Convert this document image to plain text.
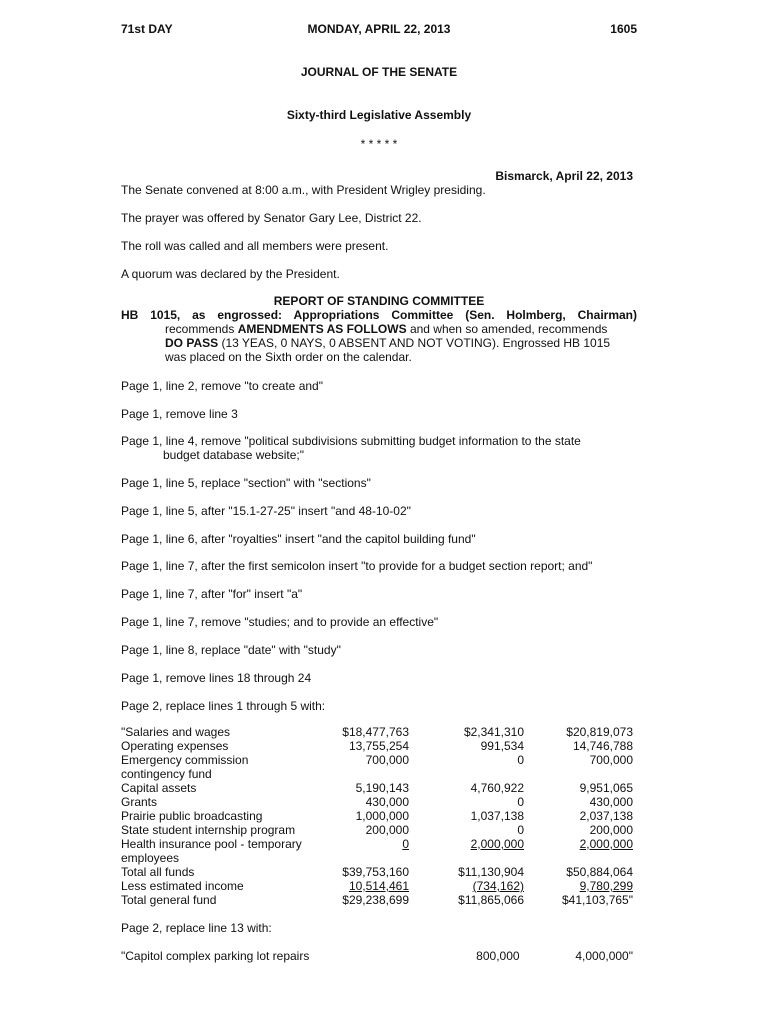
71st DAY	MONDAY, APRIL 22, 2013	1605
JOURNAL OF THE SENATE
Sixty-third Legislative Assembly
* * * * *
Bismarck, April 22, 2013
The Senate convened at 8:00 a.m., with President Wrigley presiding.
The prayer was offered by Senator Gary Lee, District 22.
The roll was called and all members were present.
A quorum was declared by the President.
REPORT OF STANDING COMMITTEE
HB 1015, as engrossed: Appropriations Committee (Sen. Holmberg, Chairman)
recommends AMENDMENTS AS FOLLOWS and when so amended, recommends
DO PASS (13 YEAS, 0 NAYS, 0 ABSENT AND NOT VOTING). Engrossed HB 1015
was placed on the Sixth order on the calendar.
Page 1, line 2, remove "to create and"
Page 1, remove line 3
Page 1, line 4, remove "political subdivisions submitting budget information to the state
budget database website;"
Page 1, line 5, replace "section" with "sections"
Page 1, line 5, after "15.1-27-25" insert "and 48-10-02"
Page 1, line 6, after "royalties" insert "and the capitol building fund"
Page 1, line 7, after the first semicolon insert "to provide for a budget section report; and"
Page 1, line 7, after "for" insert "a"
Page 1, line 7, remove "studies; and to provide an effective"
Page 1, line 8, replace "date" with "study"
Page 1, remove lines 18 through 24
Page 2, replace lines 1 through 5 with:
"Salaries and wages	$18,477,763	$2,341,310	$20,819,073
Operating expenses	13,755,254	991,534	14,746,788
Emergency commission	700,000	0	700,000
contingency fund			
Capital assets	5,190,143	4,760,922	9,951,065
Grants	430,000	0	430,000
Prairie public broadcasting	1,000,000	1,037,138	2,037,138
State student internship program	200,000	0	200,000
Health insurance pool - temporary	0	2,000,000	2,000,000
employees			
Total all funds	$39,753,160	$11,130,904	$50,884,064
Less estimated income	10,514,461	(734,162)	9,780,299
Total general fund	$29,238,699	$11,865,066	$41,103,765"
Page 2, replace line 13 with:
"Capitol complex parking lot repairs	800,000	4,000,000"
